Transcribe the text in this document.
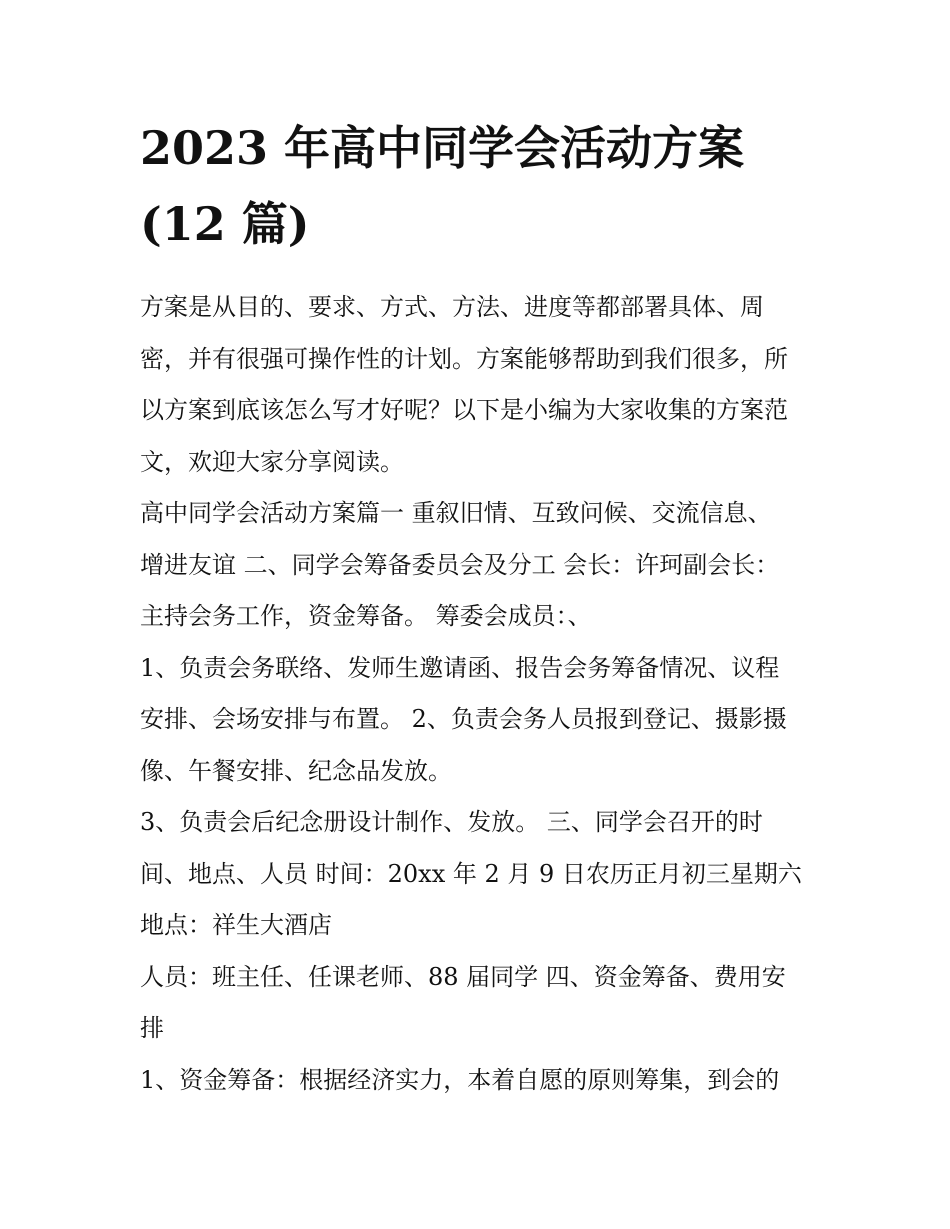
2023 年高中同学会活动方案
(12 篇)
方案是从目的、要求、方式、方法、进度等都部署具体、周
密，并有很强可操作性的计划。方案能够帮助到我们很多，所
以方案到底该怎么写才好呢？以下是小编为大家收集的方案范
文，欢迎大家分享阅读。
高中同学会活动方案篇一 重叙旧情、互致问候、交流信息、
增进友谊 二、同学会筹备委员会及分工 会长：许珂副会长：
主持会务工作，资金筹备。 筹委会成员：、
1、负责会务联络、发师生邀请函、报告会务筹备情况、议程
安排、会场安排与布置。 2、负责会务人员报到登记、摄影摄
像、午餐安排、纪念品发放。
3、负责会后纪念册设计制作、发放。 三、同学会召开的时
间、地点、人员 时间：20xx 年 2 月 9 日农历正月初三星期六
地点：祥生大酒店
人员：班主任、任课老师、88 届同学 四、资金筹备、费用安
排
1、资金筹备：根据经济实力，本着自愿的原则筹集，到会的
